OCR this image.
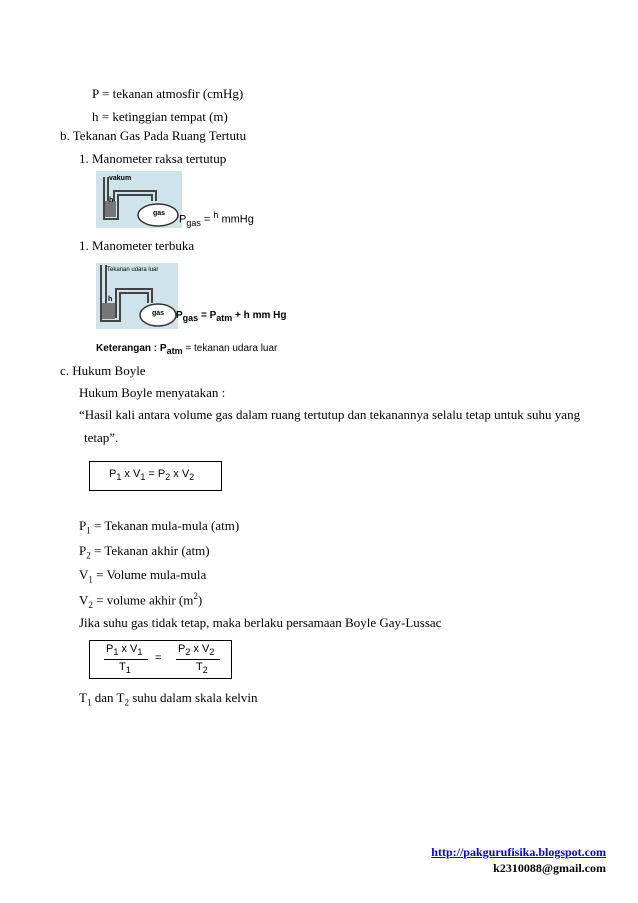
P = tekanan atmosfir (cmHg)
h = ketinggian tempat (m)
b. Tekanan Gas Pada Ruang Tertutu
1. Manometer raksa tertutup
vakum
h
gas
$P_{gas} = ^h$ mmHg
1. Manometer terbuka
Tekanan udara luar
h
gas $P_{gas} = P_{atm} + h$ mm Hg
Keterangan : $P_{atm}$ = tekanan udara luar
c. Hukum Boyle
Hukum Boyle menyatakan :
“Hasil kali antara volume gas dalam ruang tertutup dan tekanannya selalu tetap untuk suhu yang
tetap”.
$P_1$ x $V_1 = P_2$ x $V_2$
$P_1$ = Tekanan mula-mula (atm)
$P_2$ = Tekanan akhir (atm)
$V_1$ = Volume mula-mula
$V_2$ = volume akhir $(m^2)$
Jika suhu gas tidak tetap, maka berlaku persamaan Boyle Gay-Lussac
$P_1$ x $V_1$
$T_1$
=
$P_2$ x $V_2$
$T_2$
$T_1$ dan $T_2$ suhu dalam skala kelvin
http://pakgurufisika.blogspot.com
k2310088@gmail.com
